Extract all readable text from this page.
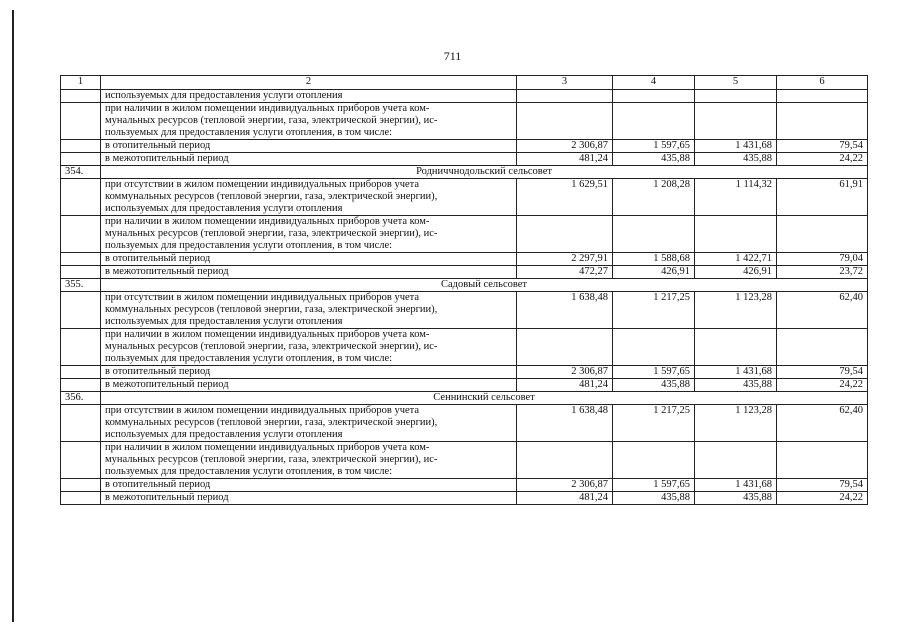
711
1	2	3	4	5	6
	используемых для предоставления услуги отопления				

	при наличии в жилом помещении индивидуальных приборов учета ком-
мунальных ресурсов (тепловой энергии, газа, электрической энергии), ис-
пользуемых для предоставления услуги отопления, в том числе:				

	в отопительный период	2 306,87	1 597,65	1 431,68	79,54
	в межотопительный период	481,24	435,88	435,88	24,22
354.	Родниччнодольский сельсовет				

	при отсутствии в жилом помещении индивидуальных приборов учета
коммунальных ресурсов (тепловой энергии, газа, электрической энергии),
используемых для предоставления услуги отопления	1 629,51	1 208,28	1 114,32	61,91

	при наличии в жилом помещении индивидуальных приборов учета ком-
мунальных ресурсов (тепловой энергии, газа, электрической энергии), ис-
пользуемых для предоставления услуги отопления, в том числе:				

	в отопительный период	2 297,91	1 588,68	1 422,71	79,04
	в межотопительный период	472,27	426,91	426,91	23,72
355.	Садовый сельсовет				

	при отсутствии в жилом помещении индивидуальных приборов учета
коммунальных ресурсов (тепловой энергии, газа, электрической энергии),
используемых для предоставления услуги отопления	1 638,48	1 217,25	1 123,28	62,40

	при наличии в жилом помещении индивидуальных приборов учета ком-
мунальных ресурсов (тепловой энергии, газа, электрической энергии), ис-
пользуемых для предоставления услуги отопления, в том числе:				

	в отопительный период	2 306,87	1 597,65	1 431,68	79,54
	в межотопительный период	481,24	435,88	435,88	24,22
356.	Сеннинский сельсовет				

	при отсутствии в жилом помещении индивидуальных приборов учета
коммунальных ресурсов (тепловой энергии, газа, электрической энергии),
используемых для предоставления услуги отопления	1 638,48	1 217,25	1 123,28	62,40

	при наличии в жилом помещении индивидуальных приборов учета ком-
мунальных ресурсов (тепловой энергии, газа, электрической энергии), ис-
пользуемых для предоставления услуги отопления, в том числе:				

	в отопительный период	2 306,87	1 597,65	1 431,68	79,54
	в межотопительный период	481,24	435,88	435,88	24,22
